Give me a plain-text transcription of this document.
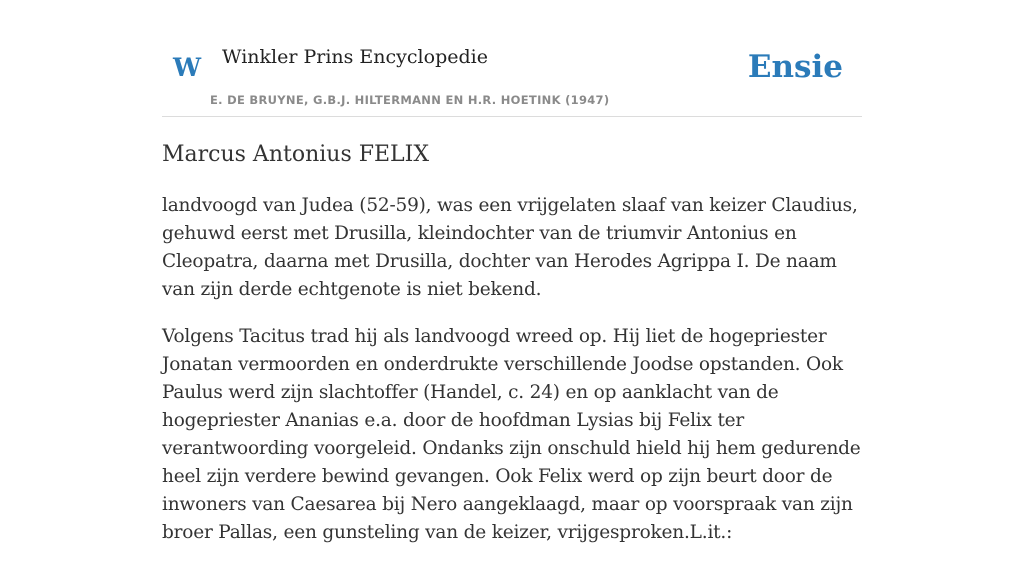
W Winkler Prins Encyclopedie
E. DE BRUYNE, G.B.J. HILTERMANN EN H.R. HOETINK (1947)
Ensie
Marcus Antonius FELIX

landvoogd van Judea (52-59), was een vrijgelaten slaaf van keizer Claudius, gehuwd eerst met Drusilla, kleindochter van de triumvir Antonius en Cleopatra, daarna met Drusilla, dochter van Herodes Agrippa I. De naam van zijn derde echtgenote is niet bekend.

Volgens Tacitus trad hij als landvoogd wreed op. Hij liet de hogepriester Jonatan vermoorden en onderdrukte verschillende Joodse opstanden. Ook Paulus werd zijn slachtoffer (Handel, c. 24) en op aanklacht van de hogepriester Ananias e.a. door de hoofdman Lysias bij Felix ter verantwoording voorgeleid. Ondanks zijn onschuld hield hij hem gedurende heel zijn verdere bewind gevangen. Ook Felix werd op zijn beurt door de inwoners van Caesarea bij Nero aangeklaagd, maar op voorspraak van zijn broer Pallas, een gunsteling van de keizer, vrijgesproken.L.it.:
